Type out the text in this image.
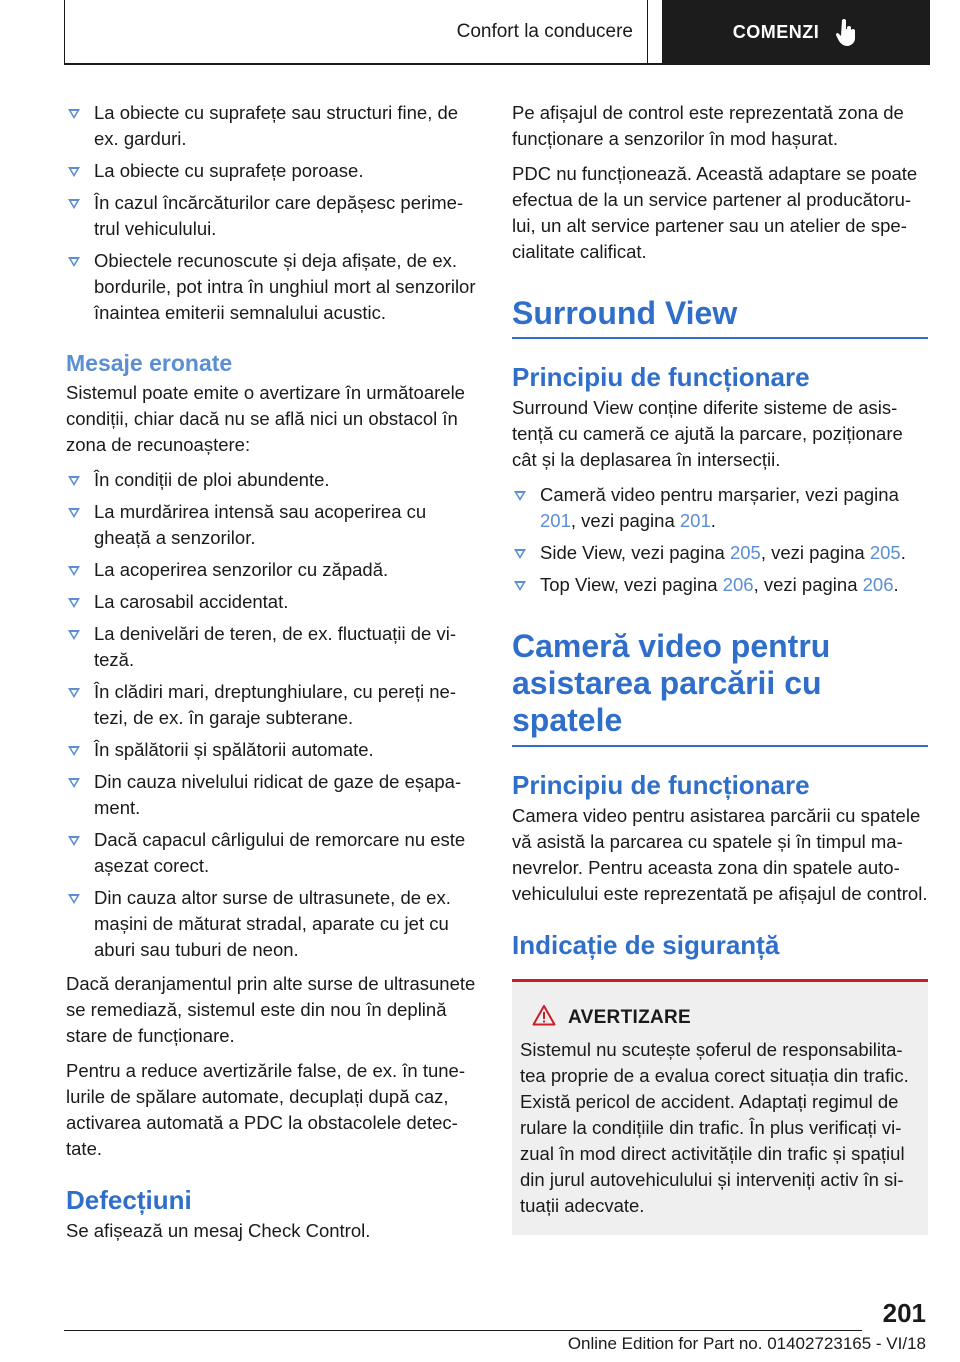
Confort la conducere	COMENZI
La obiecte cu suprafețe sau structuri fine, de ex. garduri.
La obiecte cu suprafețe poroase.
În cazul încărcăturilor care depășesc perimetrul vehiculului.
Obiectele recunoscute și deja afișate, de ex. bordurile, pot intra în unghiul mort al senzorilor înaintea emiterii semnalului acustic.
Mesaje eronate

Sistemul poate emite o avertizare în următoarele condiții, chiar dacă nu se află nici un obstacol în zona de recunoaștere:

În condiții de ploi abundente.
La murdărirea intensă sau acoperirea cu gheață a senzorilor.
La acoperirea senzorilor cu zăpadă.
La carosabil accidentat.
La denivelări de teren, de ex. fluctuații de viteză.
În clădiri mari, dreptunghiulare, cu pereți netezi, de ex. în garaje subterane.
În spălătorii și spălătorii automate.
Din cauza nivelului ridicat de gaze de eșapament.
Dacă capacul cârligului de remorcare nu este așezat corect.
Din cauza altor surse de ultrasunete, de ex. mașini de măturat stradal, aparate cu jet cu aburi sau tuburi de neon.

Dacă deranjamentul prin alte surse de ultrasunete se remediază, sistemul este din nou în deplină stare de funcționare.

Pentru a reduce avertizările false, de ex. în tunelurile de spălare automate, decuplați după caz, activarea automată a PDC la obstacolele detectate.

Defecțiuni

Se afișează un mesaj Check Control.

Pe afișajul de control este reprezentată zona de funcționare a senzorilor în mod hașurat.

PDC nu funcționează. Această adaptare se poate efectua de la un service partener al producătorului, un alt service partener sau un atelier de specialitate calificat.

Surround View
Principiu de funcționare

Surround View conține diferite sisteme de asistență cu cameră ce ajută la parcare, poziționare cât și la deplasarea în intersecții.

Cameră video pentru marșarier, vezi pagina 201, vezi pagina 201.
Side View, vezi pagina 205, vezi pagina 205.
Top View, vezi pagina 206, vezi pagina 206.
Cameră video pentru asistarea parcării cu spatele
Principiu de funcționare

Camera video pentru asistarea parcării cu spatele vă asistă la parcarea cu spatele și în timpul manevrelor. Pentru aceasta zona din spatele autovehiculului este reprezentată pe afișajul de control.

Indicație de siguranță
AVERTIZARE

Sistemul nu scutește șoferul de responsabilitatea proprie de a evalua corect situația din trafic. Există pericol de accident. Adaptați regimul de rulare la condițiile din trafic. În plus verificați vizual în mod direct activitățile din trafic și spațiul din jurul autovehiculului și interveniți activ în situații adecvate.

201
Online Edition for Part no. 01402723165 - VI/18
